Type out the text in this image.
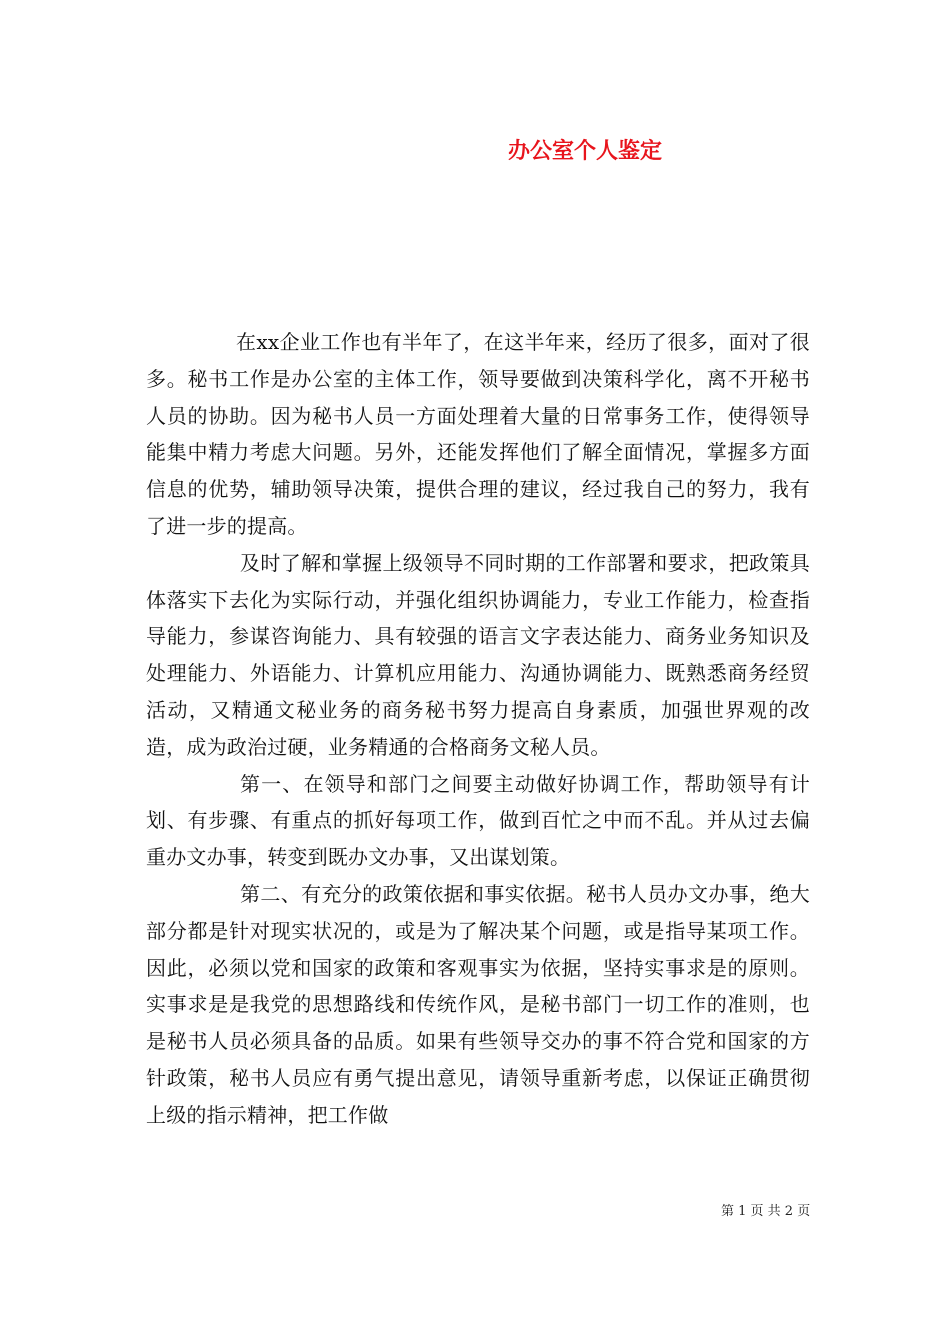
办公室个人鉴定

在xx企业工作也有半年了，在这半年来，经历了很多，面对了很多。秘书工作是办公室的主体工作，领导要做到决策科学化，离不开秘书人员的协助。因为秘书人员一方面处理着大量的日常事务工作，使得领导能集中精力考虑大问题。另外，还能发挥他们了解全面情况，掌握多方面信息的优势，辅助领导决策，提供合理的建议，经过我自己的努力，我有了进一步的提高。

及时了解和掌握上级领导不同时期的工作部署和要求，把政策具体落实下去化为实际行动，并强化组织协调能力，专业工作能力，检查指导能力，参谋咨询能力、具有较强的语言文字表达能力、商务业务知识及处理能力、外语能力、计算机应用能力、沟通协调能力、既熟悉商务经贸活动，又精通文秘业务的商务秘书努力提高自身素质，加强世界观的改造，成为政治过硬，业务精通的合格商务文秘人员。

第一、在领导和部门之间要主动做好协调工作，帮助领导有计划、有步骤、有重点的抓好每项工作，做到百忙之中而不乱。并从过去偏重办文办事，转变到既办文办事，又出谋划策。

第二、有充分的政策依据和事实依据。秘书人员办文办事，绝大部分都是针对现实状况的，或是为了解决某个问题，或是指导某项工作。因此，必须以党和国家的政策和客观事实为依据，坚持实事求是的原则。实事求是是我党的思想路线和传统作风，是秘书部门一切工作的准则，也是秘书人员必须具备的品质。如果有些领导交办的事不符合党和国家的方针政策，秘书人员应有勇气提出意见，请领导重新考虑，以保证正确贯彻上级的指示精神，把工作做

第 1 页 共 2 页
